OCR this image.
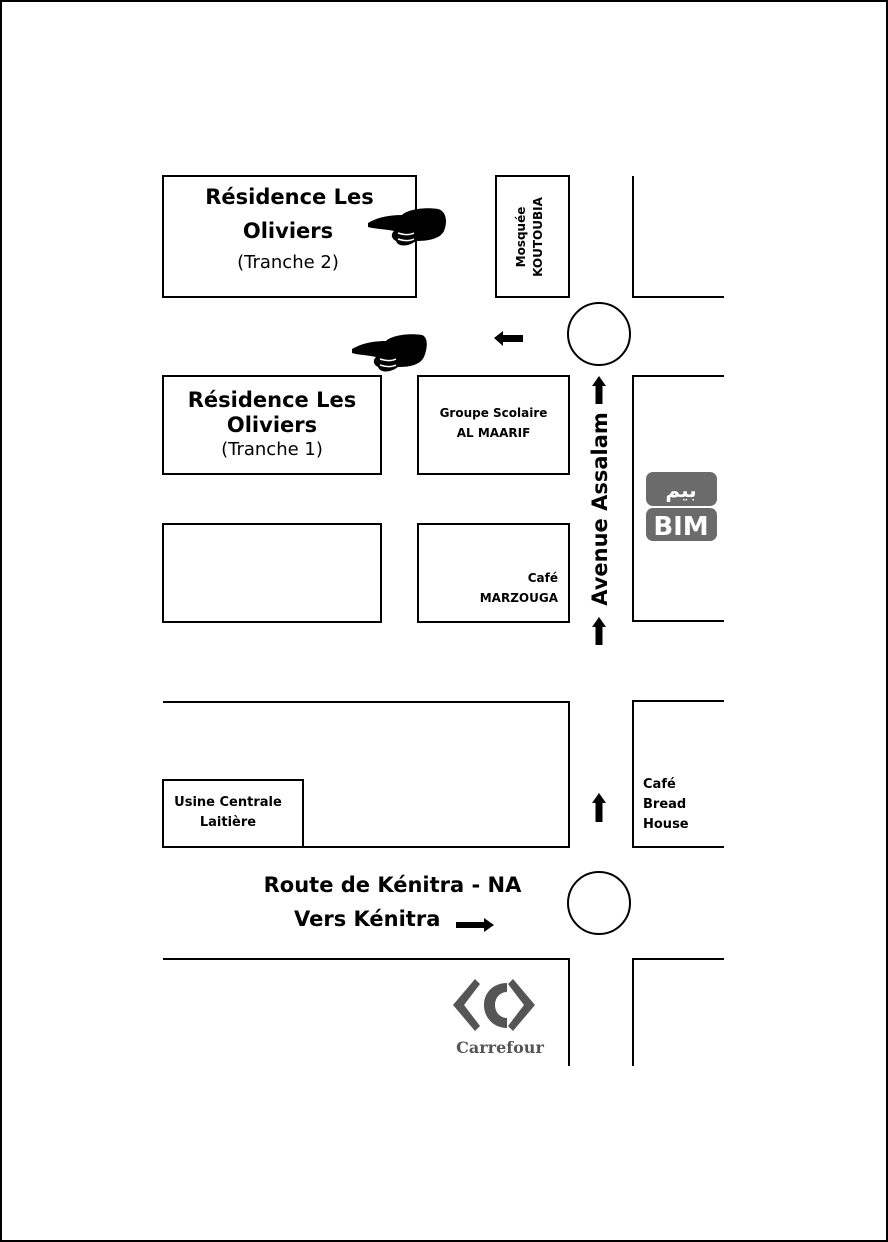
بيم
BIM
Carrefour
Avenue Assalam
Mosquée KOUTOUBIA
Résidence Les
Oliviers
(Tranche 2)
Résidence Les
Oliviers
(Tranche 1)
Groupe Scolaire
AL MAARIF
Café
MARZOUGA
Usine Centrale
Laitière
Café
Bread
House
Route de Kénitra - NA
Vers Kénitra
